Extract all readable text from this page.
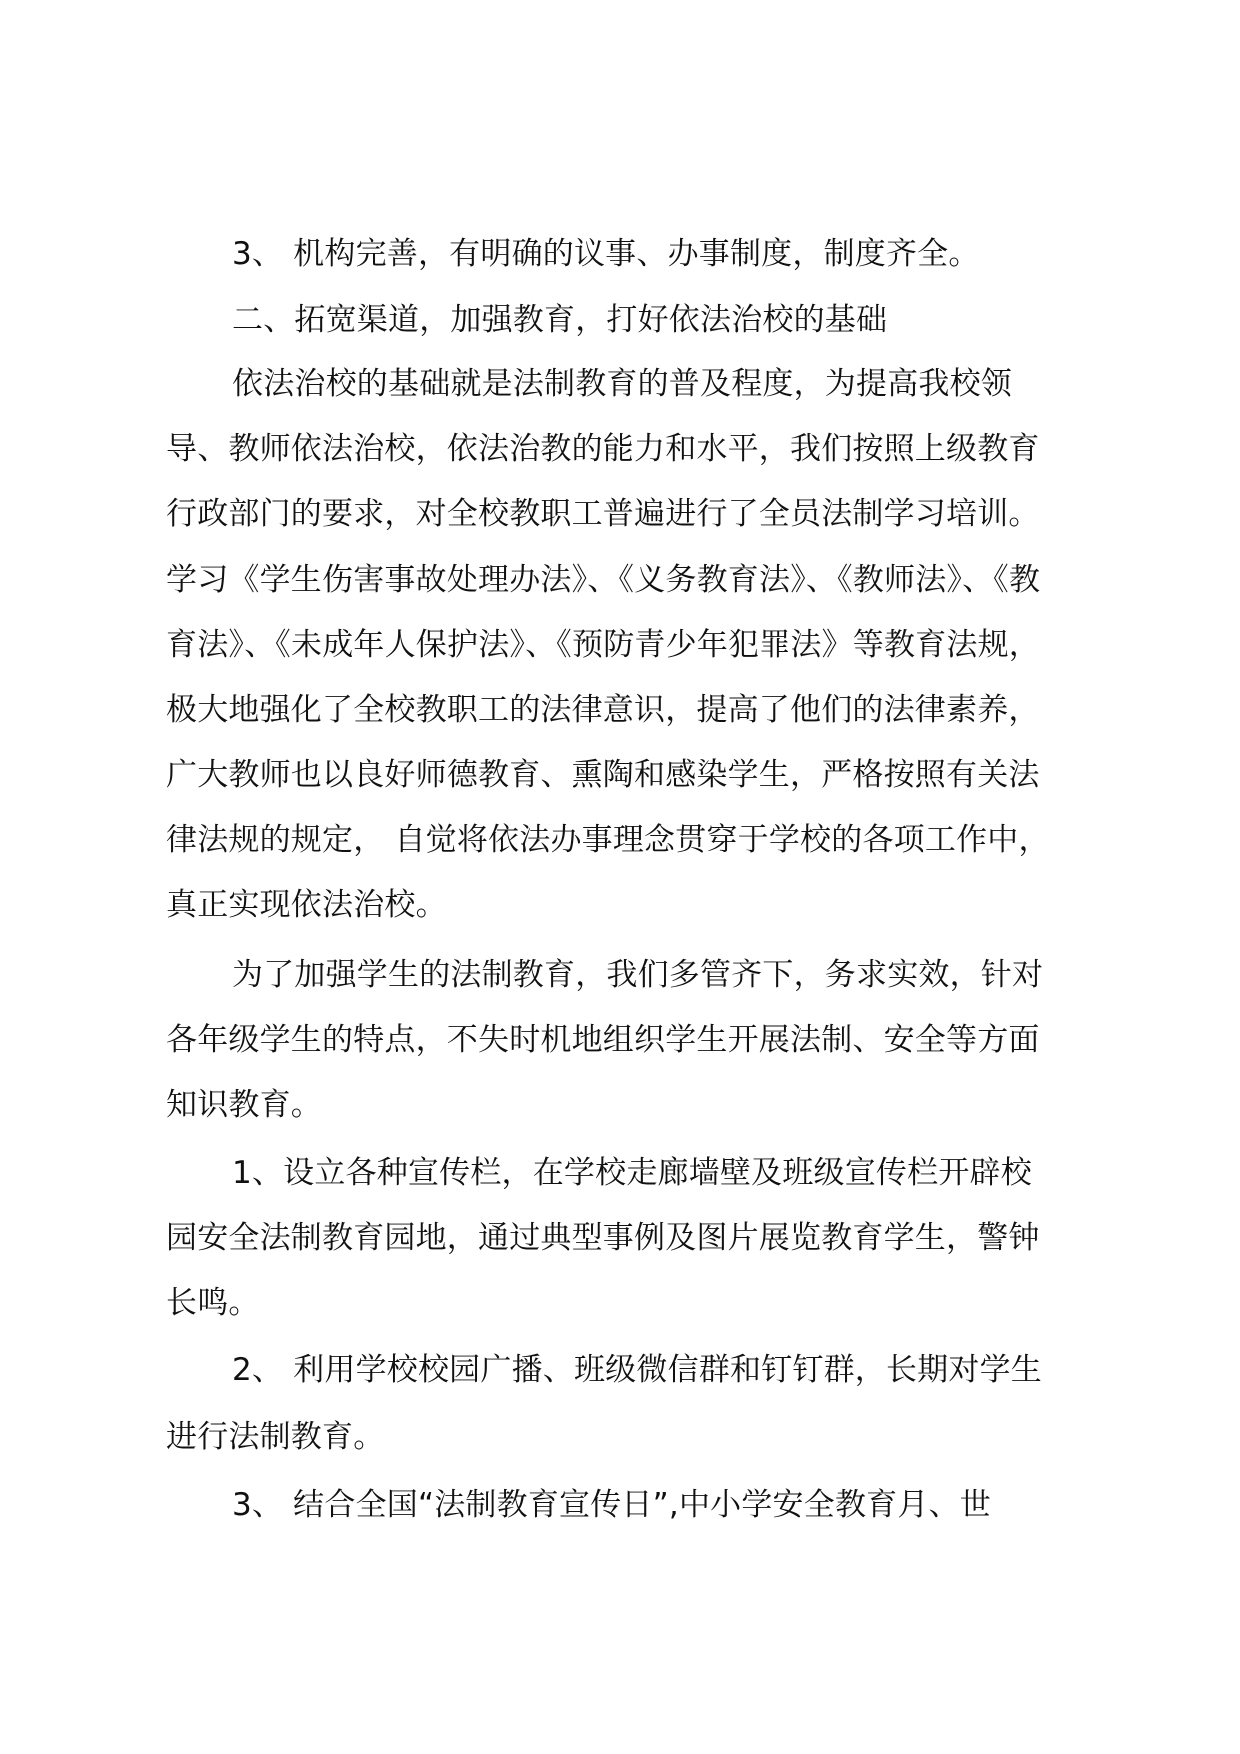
3、 机构完善，有明确的议事、办事制度，制度齐全。
二、拓宽渠道，加强教育，打好依法治校的基础
依法治校的基础就是法制教育的普及程度，为提高我校领
导、教师依法治校，依法治教的能力和水平，我们按照上级教育
行政部门的要求，对全校教职工普遍进行了全员法制学习培训。
学习《学生伤害事故处理办法》、《义务教育法》、《教师法》、《教
育法》、《未成年人保护法》、《预防青少年犯罪法》等教育法规，
极大地强化了全校教职工的法律意识，提高了他们的法律素养，
广大教师也以良好师德教育、熏陶和感染学生，严格按照有关法
律法规的规定， 自觉将依法办事理念贯穿于学校的各项工作中，
真正实现依法治校。
为了加强学生的法制教育，我们多管齐下，务求实效，针对
各年级学生的特点，不失时机地组织学生开展法制、安全等方面
知识教育。
1、设立各种宣传栏，在学校走廊墙壁及班级宣传栏开辟校
园安全法制教育园地，通过典型事例及图片展览教育学生，警钟
长鸣。
2、 利用学校校园广播、班级微信群和钉钉群，长期对学生
进行法制教育。
3、 结合全国“法制教育宣传日”,中小学安全教育月、世
